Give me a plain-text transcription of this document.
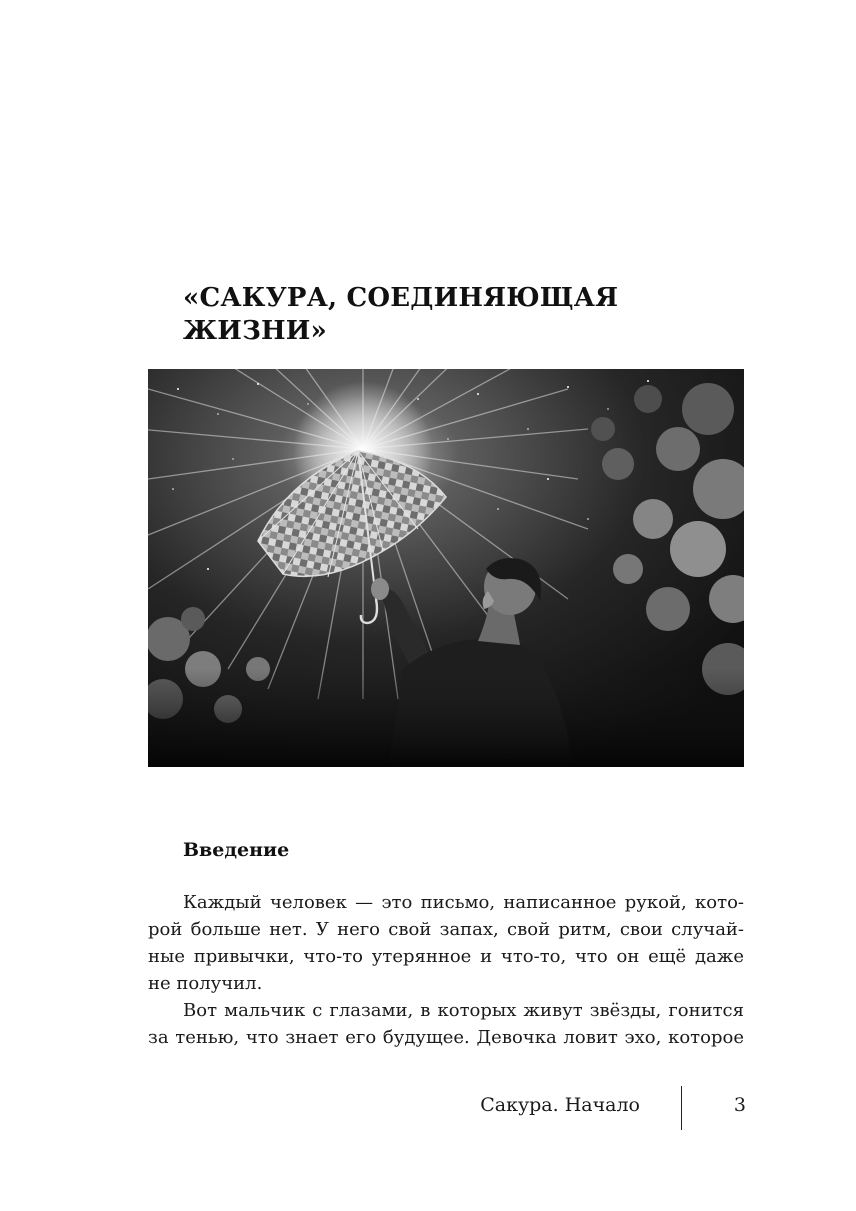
«САКУРА, СОЕДИНЯЮЩАЯ
ЖИЗНИ»
Введение

Каждый человек — это письмо, написанное рукой, кото-
рой больше нет. У него свой запах, свой ритм, свои случай-
ные привычки, что-то утерянное и что-то, что он ещё даже
не получил.

Вот мальчик с глазами, в которых живут звёзды, гонится
за тенью, что знает его будущее. Девочка ловит эхо, которое

Сакура. Начало	3
